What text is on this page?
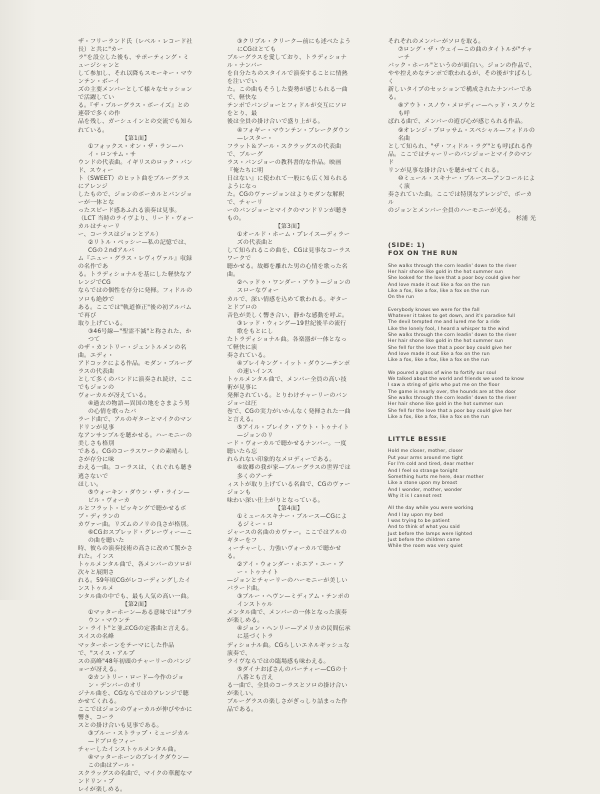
ザ・フリーランド氏（レベル・レコード社長）と共に"カー

ラ"を設立した後も、サポーティング・ミュージシャンと

して参加し、それ以降もスモーキー・マウンテン・ボーイ

ズの主要メンバーとして様々なセッションで活躍してい

る。『ザ・ブルーグラス・ボーイズ』との連帯で多くの作

品を残し、ガーシュインとの交流でも知られている。

【第1面】

①フォックス・オン・ザ・ラン—ハイ・ロンサム・サ

ウンドの代表曲。イギリスのロック・バンド、スウィー

ト（SWEET）のヒット曲をブルーグラスにアレンジ

したもので、ジョンのボーカルとバンジョーが一体とな

ったスピード感あふれる演奏は見事。

（LCT 当時のライヴより、リード・ヴォーカルはチャーリ

ー、コーラスはジョンとアル）

②リトル・ベッシー—私の記憶では、CGの２ndアルバ

ム『ニュー・グラス・レヴィヴァル』収録の名作であ

る。トラディショナルを基にした軽快なアレンジでCG

ならではの個性を存分に発揮。フィドルのソロも絶妙で

ある。ここでは"軌道修正"後の初アルバムで再び

取り上げている。

③46号線—"聖霊不滅"と称された、かつて

のザ・カントリー・ジェントルメンの名曲。エディ・

アドコックによる作品。モダン・ブルーグラスの代表曲

として多くのバンドに演奏され続け、ここでもジョンの

ヴォーカルが冴えている。

④過去の物語—異国の地をさまよう男の心情を歌ったバ

ラード曲で、アルのギターとマイクのマンドリンが見事

なアンサンブルを聴かせる。ハーモニーの美しさも格別

である。CGのコーラスワークの素晴らしさが存分に味

わえる一曲。コーラスは、くれぐれも聴き逃さないで

ほしい。

⑤ウォーキン・ダウン・ザ・ライン—ビル・ヴォーカ

ルとフラット・ピッキングで聴かせるボブ・ディランの

カヴァー曲。リズムのノリの良さが格別。

⑥CGおスプレッド・グレーヴィー—この曲を聴いた

時、彼らの演奏技術の高さに改めて驚かされた。インス

トゥルメンタル曲で、各メンバーのソロが次々と展開さ

れる。59年頃CGがレコーディングしたインストゥルメ

ンタル曲の中でも、最も人気の高い一曲。

【第2面】

①マッターホーン—ある意味では"ブラウン・マウンテ

ン・ライト"と並ぶCGの定番曲と言える。スイスの名峰

マッターホーンをテーマにした作品で、"スイス・アルプ

スの高峰"48年初頭のチャーリーのバンジョーが冴える。

②カントリー・ロード—今作のジョン・デンバーのオリ

ジナル曲を、CGならではのアレンジで聴かせてくれる。

ここではジョンのヴォーカルが伸びやかに響き、コーラ

スとの掛け合いも見事である。

③ブルー・ストラップ・ミュージカル—ドブロをフィー

チャーしたインストゥルメンタル曲。

④マッターホーンのブレイクダウン—この曲はアール・

スクラッグスの名曲で、マイクの華麗なマンドリン・プ

レイが楽しめる。

③クリプル・クリーク—前にも述べたようにCGはとても

ブルーグラスを愛しており、トラディショナル・ナンバー

を自分たちのスタイルで演奏することに情熱を注いでい

た。この曲もそうした姿勢が感じられる一曲で、軽快な

テンポでバンジョーとフィドルが交互にソロをとり、最

後は全員の掛け合いで盛り上がる。

④フォギー・マウンテン・ブレークダウン—レスター・

フラット＆アール・スクラッグスの代表曲で、ブルーグ

ラス・バンジョーの教科書的な作品。映画『俺たちに明

日はない』に使われて一般にも広く知られるようになっ

た。CGのヴァージョンはよりモダンな解釈で、チャーリ

ーのバンジョーとマイクのマンドリンが聴きもの。

【第3面】

①オールド・ホーム・プレイス—ディラーズの代表曲と

して知られるこの曲を、CGは見事なコーラスワークで

聴かせる。故郷を離れた男の心情を歌った名曲。

②ヘッドゥ・ワンダー・アウト—ジョンのスローなヴォー

カルで、深い情感を込めて歌われる。ギターとドブロの

音色が美しく響き合い、静かな感動を呼ぶ。

③レッド・ウィング—19世紀後半の流行歌をもとにし

たトラディショナル曲。各楽器が一体となって軽快に演

奏されている。

④ブレイキング・イット・ダウン—テンポの速いインス

トゥルメンタル曲で、メンバー全員の高い技術が見事に

発揮されている。とりわけチャーリーのバンジョーは圧

巻で、CGの実力がいかんなく発揮された一曲と言える。

⑤アイル・ブレイク・アウト・トゥナイト—ジョンのリ

ード・ヴォーカルで聴かせるナンバー。一度聴いたら忘

れられない印象的なメロディーである。

⑥故郷の我が家—ブルーグラスの世界では多くのアーテ

ィストが取り上げている名曲で、CGのヴァージョンも

味わい深い仕上がりとなっている。

【第4面】

①ミュールスキナー・ブルース—CGによるジミー・ロ

ジャースの名曲のカヴァー。ここではアルのギターをフ

ィーチャーし、力強いヴォーカルで聴かせる。

②アイ・ウォンダー・ホエア・ユー・アー・トゥナイト

—ジョンとチャーリーのハーモニーが美しいバラード曲。

③ブルー・ヘヴン—ミディアム・テンポのインストゥル

メンタル曲で、メンバーの一体となった演奏が楽しめる。

④ジョン・ヘンリー—アメリカの民間伝承に基づくトラ

ディショナル曲。CGらしいエネルギッシュな演奏で、

ライヴならではの臨場感も味わえる。

⑤ダイナおばさんのパーティー—CGの十八番とも言え

る一曲で、全員のコーラスとソロの掛け合いが楽しい。

ブルーグラスの楽しさがぎっしり詰まった作品である。

それぞれのメンバーがソロを取る。

⑦ロング・ザ・ウェイ—この曲のタイトルが"チャーチ

バック・ホール"というのが面白い。ジョンの作品で、

やや控えめなテンポで歌われるが、その後がすばらしく

新しいタイプのセッションで構成されたナンバーである。

⑧アウト・スノウ・メロディー—ヘッド・スノウとも呼

ばれる曲で、メンバーの遊び心が感じられる作品。

⑨オレンジ・ブロッサム・スペシャル—フィドルの名曲

として知られ、"ザ・フィドル・ラグ"とも呼ばれる作

品。ここではチャーリーのバンジョーとマイクのマンド

リンが見事な掛け合いを聴かせてくれる。

⑩ミュール・スキナー・ブルース—アンコールによく演

奏されていた曲。ここでは特別なアレンジで、ボーカル

のジョンとメンバー全員のハーモニーが光る。

杉浦 光

(SIDE: 1)

FOX ON THE RUN

She walks through the corn leadin' down to the river

Her hair shone like gold in the hot summer sun

She looked for the love that a poor boy could give her

And love made it out like a fox on the run

Like a fox, like a fox, like a fox on the run

On the run

Everybody knows we were for the fall

Whatever it takes to get down, and it's paradise full

The devil tempted me and lured me for a ride

Like the lonely fool, I heard a whisper to the wind

She walks through the corn leadin' down to the river

Her hair shone like gold in the hot summer sun

She fell for the love that a poor boy could give her

And love made it out like a fox on the run

Like a fox, like a fox, like a fox on the run

We poured a glass of wine to fortify our soul

We talked about the world and friends we used to know

I saw a string of girls who put me on the floor

The game is nearly over, the hounds are at the door

She walks through the corn leadin' down to the river

Her hair shone like gold in the hot summer sun

She fell for the love that a poor boy could give her

Like a fox, like a fox, like a fox on the run

LITTLE BESSIE

Hold me closer, mother, closer

Put your arms around me tight

For I'm cold and tired, dear mother

And I feel so strange tonight

Something hurts me here, dear mother

Like a stone upon my breast

And I wonder, mother, wonder

Why it is I cannot rest

All the day while you were working

And I lay upon my bed

I was trying to be patient

And to think of what you said

Just before the lamps were lighted

Just before the children came

While the room was very quiet
